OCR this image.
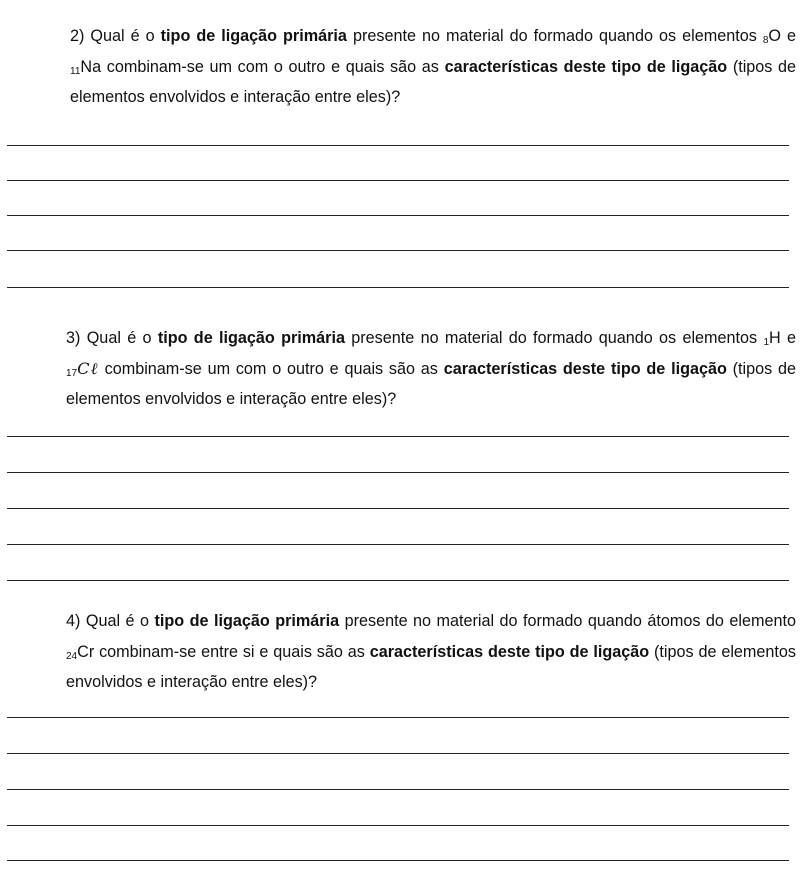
2) Qual é o tipo de ligação primária presente no material do formado quando os elementos $_8$O e $_{11}$Na combinam-se um com o outro e quais são as características deste tipo de ligação (tipos de elementos envolvidos e interação entre eles)?
3) Qual é o tipo de ligação primária presente no material do formado quando os elementos $_1$H e $_{17}$Cℓ combinam-se um com o outro e quais são as características deste tipo de ligação (tipos de elementos envolvidos e interação entre eles)?
4) Qual é o tipo de ligação primária presente no material do formado quando átomos do elemento $_{24}$Cr combinam-se entre si e quais são as características deste tipo de ligação (tipos de elementos envolvidos e interação entre eles)?
